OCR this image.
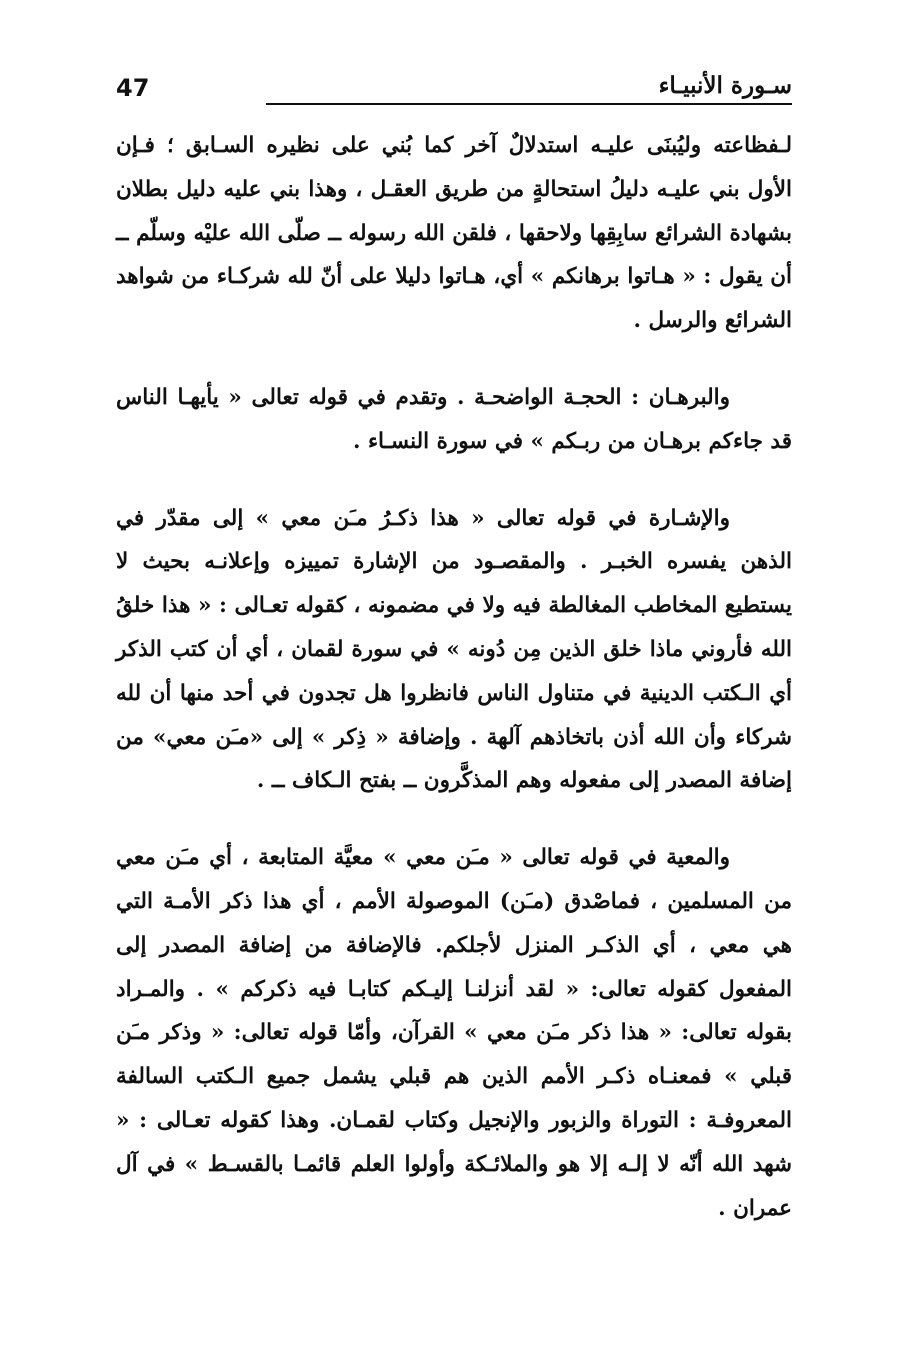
47	سـورة الأنبيـاء

لـفظاعته وليُبنَى عليـه استدلالٌ آخر كما بُني على نظيره السـابق ؛ فـإن الأول بني عليـه دليلُ استحالةٍ من طريق العقـل ، وهذا بني عليه دليل بطلان بشهادة الشرائع سابِقِها ولاحقها ، فلقن الله رسوله ــ صلّى الله عليْه وسلّم ــ أن يقول : « هـاتوا برهانكم » أي، هـاتوا دليلا على أنّ لله شركـاء من شواهد الشرائع والرسل .

والبرهـان : الحجـة الواضحـة . وتقدم في قوله تعالى « يأيهـا الناس قد جاءكم برهـان من ربـكم » في سورة النسـاء .

والإشـارة في قوله تعالى « هذا ذكـرُ مـَن معي » إلى مقدّر في الذهن يفسره الخبـر . والمقصـود من الإشارة تمييزه وإعلانـه بحيث لا يستطيع المخاطب المغالطة فيه ولا في مضمونه ، كقوله تعـالى : « هذا خلقُ الله فأروني ماذا خلق الذين مِن دُونه » في سورة لقمان ، أي أن كتب الذكر أي الـكتب الدينية في متناول الناس فانظروا هل تجدون في أحد منها أن لله شركاء وأن الله أذن باتخاذهم آلهة . وإضافة « ذِكر » إلى «مـَن معي» من إضافة المصدر إلى مفعوله وهم المذكَّرون ــ بفتح الـكاف ــ .

والمعية في قوله تعالى « مـَن معي » معيَّة المتابعة ، أي مـَن معي من المسلمين ، فماصْدق (مـَن) الموصولة الأمم ، أي هذا ذكر الأمـة التي هي معي ، أي الذكـر المنزل لأجلكم. فالإضافة من إضافة المصدر إلى المفعول كقوله تعالى: « لقد أنزلنـا إليـكم كتابـا فيه ذكركم » . والمـراد بقوله تعالى: « هذا ذكر مـَن معي » القرآن، وأمّا قوله تعالى: « وذكر مـَن قبلي » فمعنـاه ذكـر الأمم الذين هم قبلي يشمل جميع الـكتب السالفة المعروفـة : التوراة والزبور والإنجيل وكتاب لقمـان. وهذا كقوله تعـالى : « شهد الله أنّه لا إلـه إلا هو والملائـكة وأولوا العلم قائمـا بالقسـط » في آل عمران .
